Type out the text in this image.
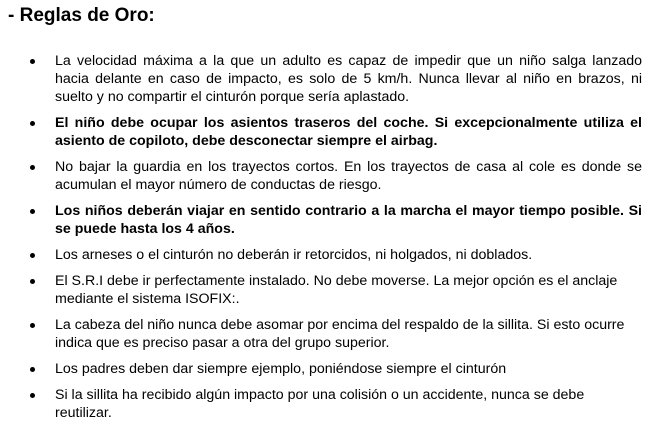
- Reglas de Oro:
La velocidad máxima a la que un adulto es capaz de impedir que un niño salga lanzado hacia delante en caso de impacto, es solo de 5 km/h. Nunca llevar al niño en brazos, ni suelto y no compartir el cinturón porque sería aplastado.
El niño debe ocupar los asientos traseros del coche. Si excepcionalmente utiliza el asiento de copiloto, debe desconectar siempre el airbag.
No bajar la guardia en los trayectos cortos. En los trayectos de casa al cole es donde se acumulan el mayor número de conductas de riesgo.
Los niños deberán viajar en sentido contrario a la marcha el mayor tiempo posible. Si se puede hasta los 4 años.
Los arneses o el cinturón no deberán ir retorcidos, ni holgados, ni doblados.
El S.R.I debe ir perfectamente instalado. No debe moverse. La mejor opción es el anclaje mediante el sistema ISOFIX:.
La cabeza del niño nunca debe asomar por encima del respaldo de la sillita. Si esto ocurre indica que es preciso pasar a otra del grupo superior.
Los padres deben dar siempre ejemplo, poniéndose siempre el cinturón
Si la sillita ha recibido algún impacto por una colisión o un accidente, nunca se debe reutilizar.
